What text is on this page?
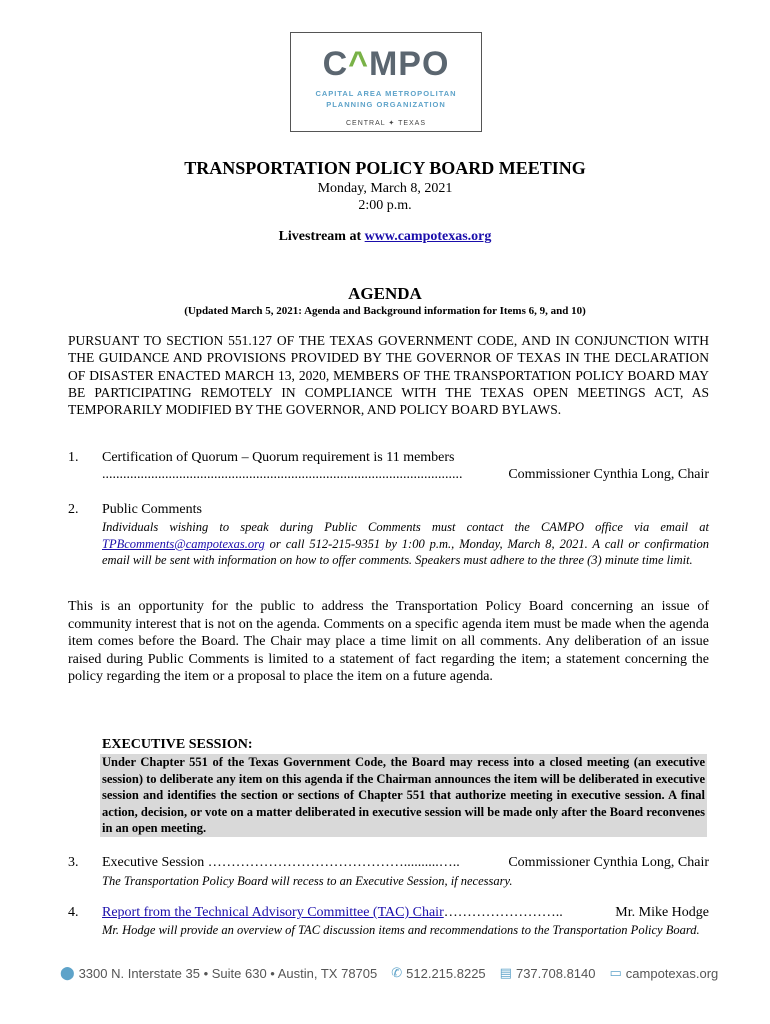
C^MPO
CAPITAL AREA METROPOLITAN
PLANNING ORGANIZATION
CENTRAL ✦ TEXAS
TRANSPORTATION POLICY BOARD MEETING
Monday, March 8, 2021
2:00 p.m.
Livestream at www.campotexas.org
AGENDA
(Updated March 5, 2021: Agenda and Background information for Items 6, 9, and 10)
PURSUANT TO SECTION 551.127 OF THE TEXAS GOVERNMENT CODE, AND IN CONJUNCTION WITH THE GUIDANCE AND PROVISIONS PROVIDED BY THE GOVERNOR OF TEXAS IN THE DECLARATION OF DISASTER ENACTED MARCH 13, 2020, MEMBERS OF THE TRANSPORTATION POLICY BOARD MAY BE PARTICIPATING REMOTELY IN COMPLIANCE WITH THE TEXAS OPEN MEETINGS ACT, AS TEMPORARILY MODIFIED BY THE GOVERNOR, AND POLICY BOARD BYLAWS.
1. Certification of Quorum – Quorum requirement is 11 members
.......................................................................................................	Commissioner Cynthia Long, Chair
2. Public Comments
Individuals wishing to speak during Public Comments must contact the CAMPO office via email at TPBcomments@campotexas.org or call 512-215-9351 by 1:00 p.m., Monday, March 8, 2021. A call or confirmation email will be sent with information on how to offer comments. Speakers must adhere to the three (3) minute time limit.
This is an opportunity for the public to address the Transportation Policy Board concerning an issue of community interest that is not on the agenda. Comments on a specific agenda item must be made when the agenda item comes before the Board. The Chair may place a time limit on all comments. Any deliberation of an issue raised during Public Comments is limited to a statement of fact regarding the item; a statement concerning the policy regarding the item or a proposal to place the item on a future agenda.
EXECUTIVE SESSION:
Under Chapter 551 of the Texas Government Code, the Board may recess into a closed meeting (an executive session) to deliberate any item on this agenda if the Chairman announces the item will be deliberated in executive session and identifies the section or sections of Chapter 551 that authorize meeting in executive session. A final action, decision, or vote on a matter deliberated in executive session will be made only after the Board reconvenes in an open meeting.
3. Executive Session ……………………………………..........…..	Commissioner Cynthia Long, Chair
The Transportation Policy Board will recess to an Executive Session, if necessary.
4. Report from the Technical Advisory Committee (TAC) Chair ……………………..	Mr. Mike Hodge
Mr. Hodge will provide an overview of TAC discussion items and recommendations to the Transportation Policy Board.
⬤ 3300 N. Interstate 35 • Suite 630 • Austin, TX 78705 ✆ 512.215.8225 ▤ 737.708.8140 ▭ campotexas.org
